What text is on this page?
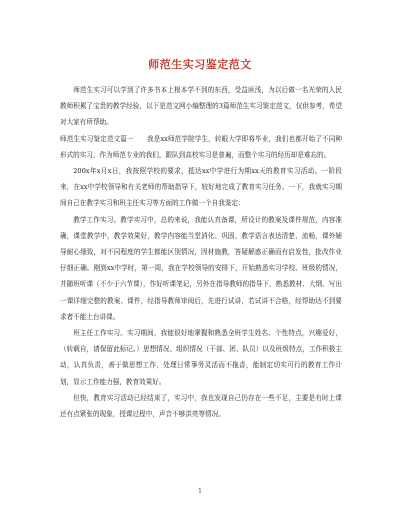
师范生实习鉴定范文

师范生实习可以学到了许多书本上根本学不到的东西，受益匪浅，为以后做一名光荣的人民教师积累了宝贵的教学经验，以下是范文网小编整理的3篇师范生实习鉴定范文，仅供参考，希望对大家有所帮助。

师范生实习鉴定范文篇一　　我是xx师范学院学生，转眼大学即将毕业，我们也都开始了不同种形式的实习，作为师范专业的我们，跟队到高校实习是普遍，而整个实习的经历却是难忘的。

200x年x月x日，我按照学校的要求，抵达xx中学进行为期xx天的教育实习活动。一阶段来，在xx中学校领导和有关老师的帮助指导下，较好地完成了教育实习任务。一下，我就实习期间自己在教学实习和班主任实习等方面的工作做一个自我鉴定：

教学工作实习。教学实习中，总的来说，我能认真备课，所设计的教案及课件规范，内容准确，课堂教学中，教学效果好，教学内容能当堂消化、巩固、教学语言表达清楚、流畅，课外辅导耐心细致，对不同程度的学生都能区别情况，因材施教，答疑解惑正确而有启发性，批改作业仔细正确。刚到xx中学时，第一周，我在学校领导的安排下，开始熟悉实习学校、班级的情况，并随班听课（不少于六节课），作好听课笔记，另外在指导教师的指导下，熟悉教材、大纲、写出一课详细完整的教案、课件，经指导教师审阅后，先进行试讲，若试讲不合格，经帮助达不到要求者不能上台讲课。

班主任工作实习。实习期间，我能很好地掌握和熟悉全班学生姓名、个性特点，兴趣爱好，（转载自，请保留此标记。）思想情况、组织情况（干部、团、队员）以及班级特点，工作积极主动，认真负责，善于做思想工作，处理日常事务灵活而不拖沓，能制定切实可行的教育工作计划，显示工作能力强，教育效果好。

但快，教育实习活动已经结束了，实习中，我也发现自己仍存在一些不足，主要是有时上课还有点紧张的现象，授课过程中，声音不够洪亮等情况。

1
